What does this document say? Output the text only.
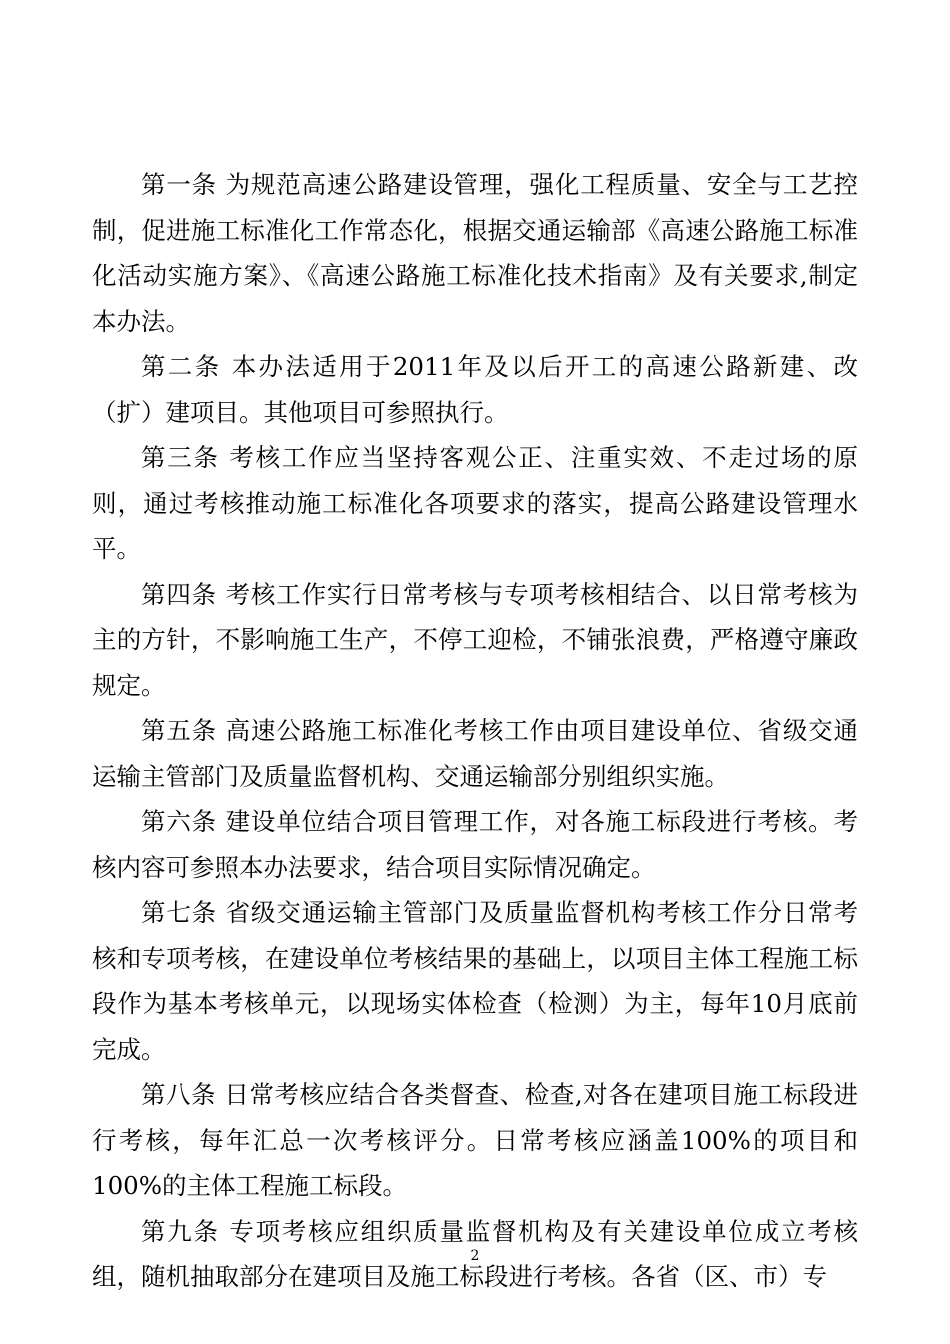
第一条 为规范高速公路建设管理，强化工程质量、安全与工艺控制，促进施工标准化工作常态化，根据交通运输部《高速公路施工标准化活动实施方案》、《高速公路施工标准化技术指南》及有关要求,制定本办法。

第二条 本办法适用于2011年及以后开工的高速公路新建、改（扩）建项目。其他项目可参照执行。

第三条 考核工作应当坚持客观公正、注重实效、不走过场的原则，通过考核推动施工标准化各项要求的落实，提高公路建设管理水平。

第四条 考核工作实行日常考核与专项考核相结合、以日常考核为主的方针，不影响施工生产，不停工迎检，不铺张浪费，严格遵守廉政规定。

第五条 高速公路施工标准化考核工作由项目建设单位、省级交通运输主管部门及质量监督机构、交通运输部分别组织实施。

第六条 建设单位结合项目管理工作，对各施工标段进行考核。考核内容可参照本办法要求，结合项目实际情况确定。

第七条 省级交通运输主管部门及质量监督机构考核工作分日常考核和专项考核，在建设单位考核结果的基础上，以项目主体工程施工标段作为基本考核单元，以现场实体检查（检测）为主，每年10月底前完成。

第八条 日常考核应结合各类督查、检查,对各在建项目施工标段进行考核，每年汇总一次考核评分。日常考核应涵盖100%的项目和100%的主体工程施工标段。

第九条 专项考核应组织质量监督机构及有关建设单位成立考核组，随机抽取部分在建项目及施工标段进行考核。各省（区、市）专

2
